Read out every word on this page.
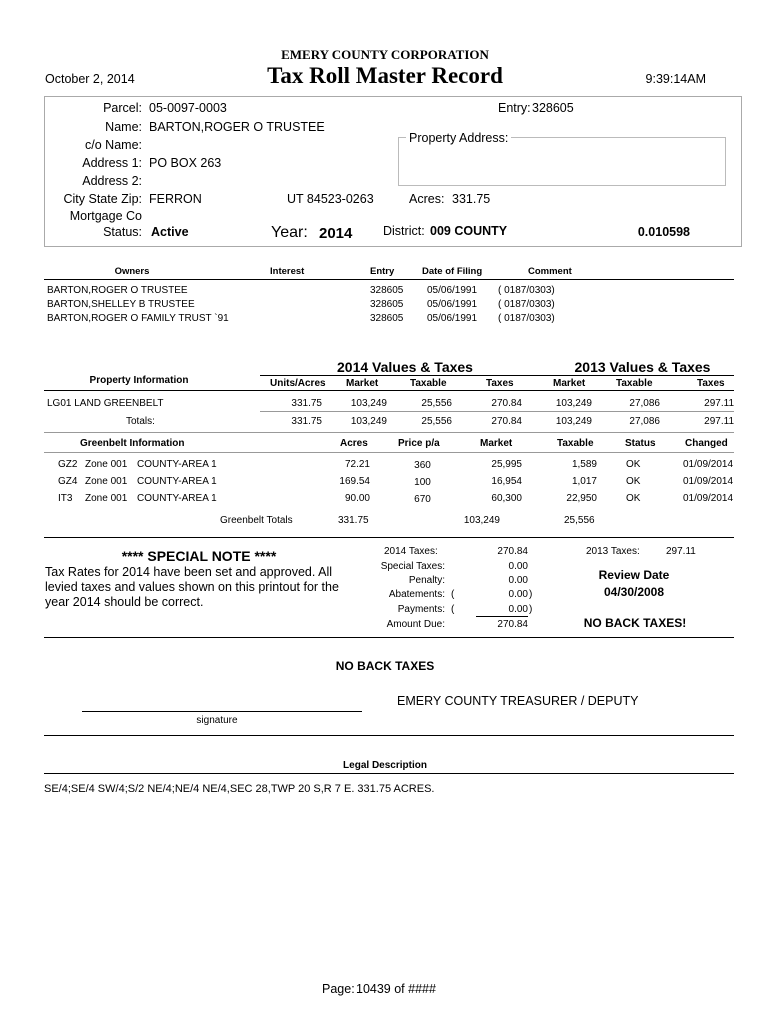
EMERY COUNTY CORPORATION
Tax Roll Master Record
October 2, 2014	9:39:14AM
Parcel: 05-0097-0003
Name: BARTON,ROGER O TRUSTEE
c/o Name:
Address 1: PO BOX 263
Address 2:
City State Zip: FERRON	UT 84523-0263
Mortgage Co
Status: Active
Entry: 328605
Property Address:
Acres: 331.75
Year: 2014 District: 009 COUNTY	0.010598
Owners	Interest	Entry	Date of Filing	Comment
BARTON,ROGER O TRUSTEE	328605 05/06/1991 ( 0187/0303)
BARTON,SHELLEY B TRUSTEE	328605 05/06/1991 ( 0187/0303)
BARTON,ROGER O FAMILY TRUST `91	328605 05/06/1991 ( 0187/0303)
2014 Values & Taxes	2013 Values & Taxes
Property Information	Units/Acres Market	Taxable	Taxes	Market	Taxable	Taxes
LG01 LAND GREENBELT	331.75	103,249	25,556	270.84	103,249	27,086	297.11
Totals:	331.75	103,249	25,556	270.84	103,249	27,086	297.11
Greenbelt Information	Acres	Price p/a	Market	Taxable	Status	Changed
GZ2 Zone 001 COUNTY-AREA 1	72.21	360	25,995	1,589	OK	01/09/2014
GZ4 Zone 001 COUNTY-AREA 1	169.54	100	16,954	1,017	OK	01/09/2014
IT3 Zone 001 COUNTY-AREA 1	90.00	670	60,300	22,950	OK	01/09/2014
Greenbelt Totals	331.75	103,249	25,556
**** SPECIAL NOTE ****
Tax Rates for 2014 have been set and approved. All
levied taxes and values shown on this printout for the
year 2014 should be correct.
2014 Taxes:	270.84
Special Taxes:	0.00
Penalty:	0.00
Abatements: (	0.00 )
Payments: (	0.00 )
Amount Due:	270.84
2013 Taxes:	297.11
Review Date
04/30/2008
NO BACK TAXES!
NO BACK TAXES
EMERY COUNTY TREASURER / DEPUTY
signature
Legal Description
SE/4;SE/4 SW/4;S/2 NE/4;NE/4 NE/4,SEC 28,TWP 20 S,R 7 E. 331.75 ACRES.
Page: 10439 of ####
